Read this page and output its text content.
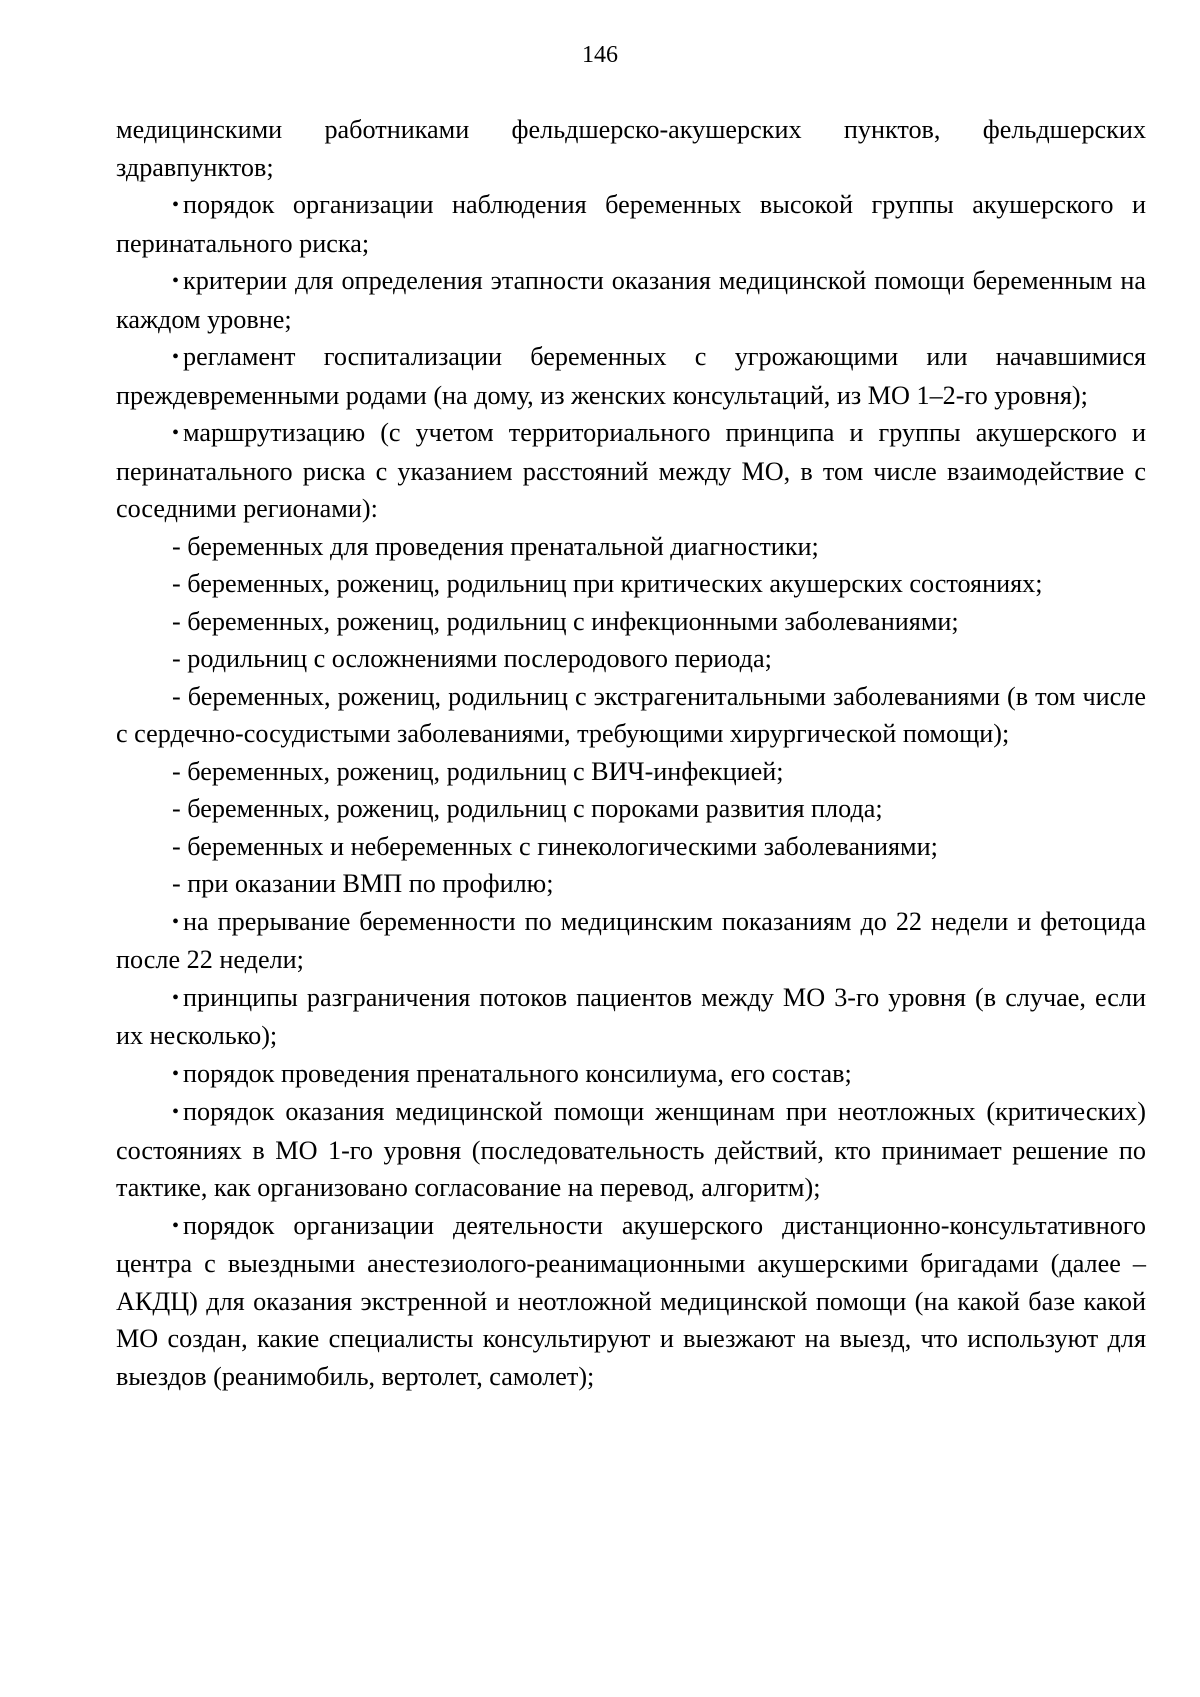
146

медицинскими работниками фельдшерско-акушерских пунктов, фельдшерских здравпунктов;

• порядок организации наблюдения беременных высокой группы акушерского и перинатального риска;

• критерии для определения этапности оказания медицинской помощи беременным на каждом уровне;

• регламент госпитализации беременных с угрожающими или начавшимися преждевременными родами (на дому, из женских консультаций, из МО 1–2-го уровня);

• маршрутизацию (с учетом территориального принципа и группы акушерского и перинатального риска с указанием расстояний между МО, в том числе взаимодействие с соседними регионами):

- беременных для проведения пренатальной диагностики;

- беременных, рожениц, родильниц при критических акушерских состояниях;

- беременных, рожениц, родильниц с инфекционными заболеваниями;

- родильниц с осложнениями послеродового периода;

- беременных, рожениц, родильниц с экстрагенитальными заболеваниями (в том числе с сердечно-сосудистыми заболеваниями, требующими хирургической помощи);

- беременных, рожениц, родильниц с ВИЧ-инфекцией;

- беременных, рожениц, родильниц с пороками развития плода;

- беременных и небеременных с гинекологическими заболеваниями;

- при оказании ВМП по профилю;

• на прерывание беременности по медицинским показаниям до 22 недели и фетоцида после 22 недели;

• принципы разграничения потоков пациентов между МО 3-го уровня (в случае, если их несколько);

• порядок проведения пренатального консилиума, его состав;

• порядок оказания медицинской помощи женщинам при неотложных (критических) состояниях в МО 1-го уровня (последовательность действий, кто принимает решение по тактике, как организовано согласование на перевод, алгоритм);

• порядок организации деятельности акушерского дистанционно-консультативного центра с выездными анестезиолого-реанимационными акушерскими бригадами (далее – АКДЦ) для оказания экстренной и неотложной медицинской помощи (на какой базе какой МО создан, какие специалисты консультируют и выезжают на выезд, что используют для выездов (реанимобиль, вертолет, самолет);
